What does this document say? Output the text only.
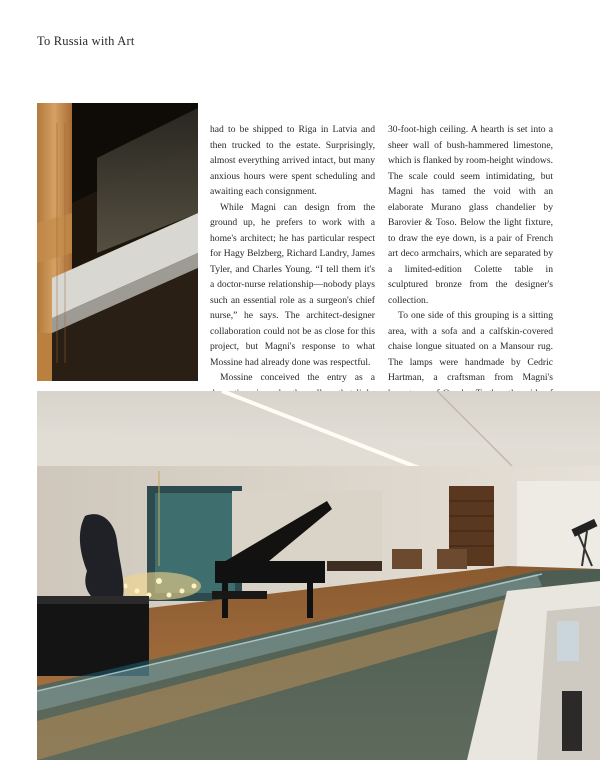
To Russia with Art

had to be shipped to Riga in Latvia and then trucked to the estate. Surprisingly, almost everything arrived intact, but many anxious hours were spent scheduling and awaiting each consignment.

While Magni can design from the ground up, he prefers to work with a home's architect; he has particular respect for Hagy Belzberg, Richard Landry, James Tyler, and Charles Young. “I tell them it's a doctor-nurse relationship—nobody plays such an essential role as a surgeon's chief nurse,” he says. The architect-designer collaboration could not be as close for this project, but Magni's response to what Mossine had already done was respectful.

Mossine conceived the entry as a

30-foot-high ceiling. A hearth is set into a sheer wall of bush-hammered limestone, which is flanked by room-height windows. The scale could seem intimidating, but Magni has tamed the void with an elaborate Murano glass chandelier by Barovier & Toso. Below the light fixture, to draw the eye down, is a pair of French art deco armchairs, which are separated by a limited-edition Colette table in sculptured bronze from the designer's collection.

To one side of this grouping is a sitting area, with a sofa and a calfskin-covered chaise longue situated on a Mansour rug. The lamps were handmade by Cedric Hartman, a craftsman from Magni's
